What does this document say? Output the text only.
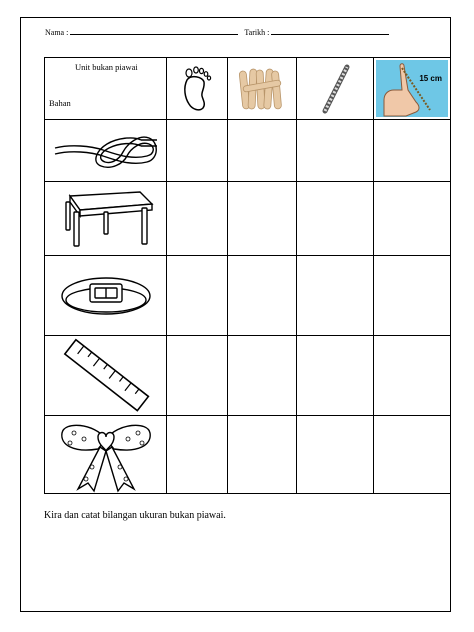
Nama :	Tarikh :
Unit bukan piawai
Bahan				15 cm

Kira dan catat bilangan ukuran bukan piawai.
